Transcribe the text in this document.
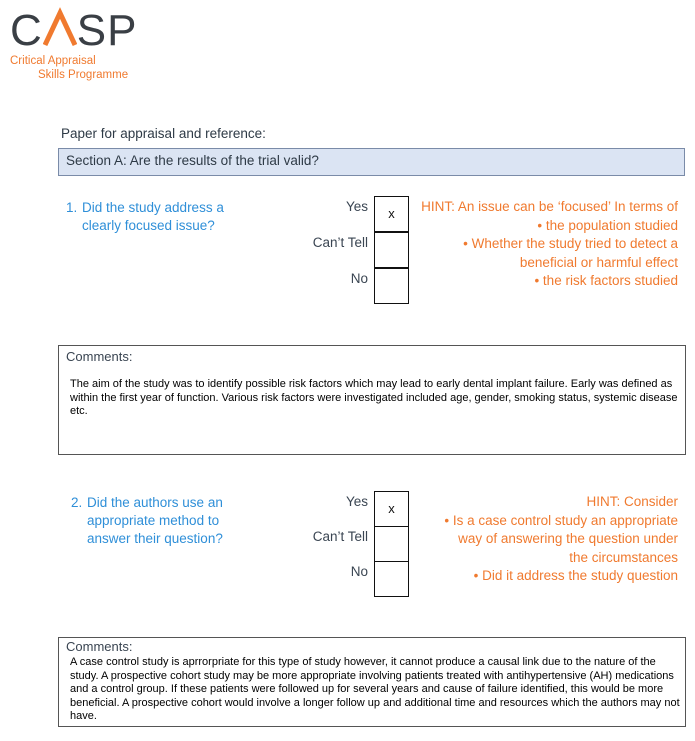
C SP
Critical Appraisal
Skills Programme
Paper for appraisal and reference:
Section A: Are the results of the trial valid?
1. Did the study address a
clearly focused issue?
Yes
Can’t Tell
No
x	HINT: An issue can be ‘focused’ In terms of
• the population studied
• Whether the study tried to detect a
beneficial or harmful effect
• the risk factors studied
Comments:
The aim of the study was to identify possible risk factors which may lead to early dental implant failure. Early was defined as within the first year of function. Various risk factors were investigated included age, gender, smoking status, systemic disease etc.
2. Did the authors use an
appropriate method to
answer their question?
Yes
Can’t Tell
No
x	HINT: Consider
• Is a case control study an appropriate
way of answering the question under
the circumstances
• Did it address the study question
Comments:
A case control study is aprrorpriate for this type of study however, it cannot produce a causal link due to the nature of the study. A prospective cohort study may be more appropriate involving patients treated with antihypertensive (AH) medications and a control group. If these patients were followed up for several years and cause of failure identified, this would be more beneficial. A prospective cohort would involve a longer follow up and additional time and resources which the authors may not have.
